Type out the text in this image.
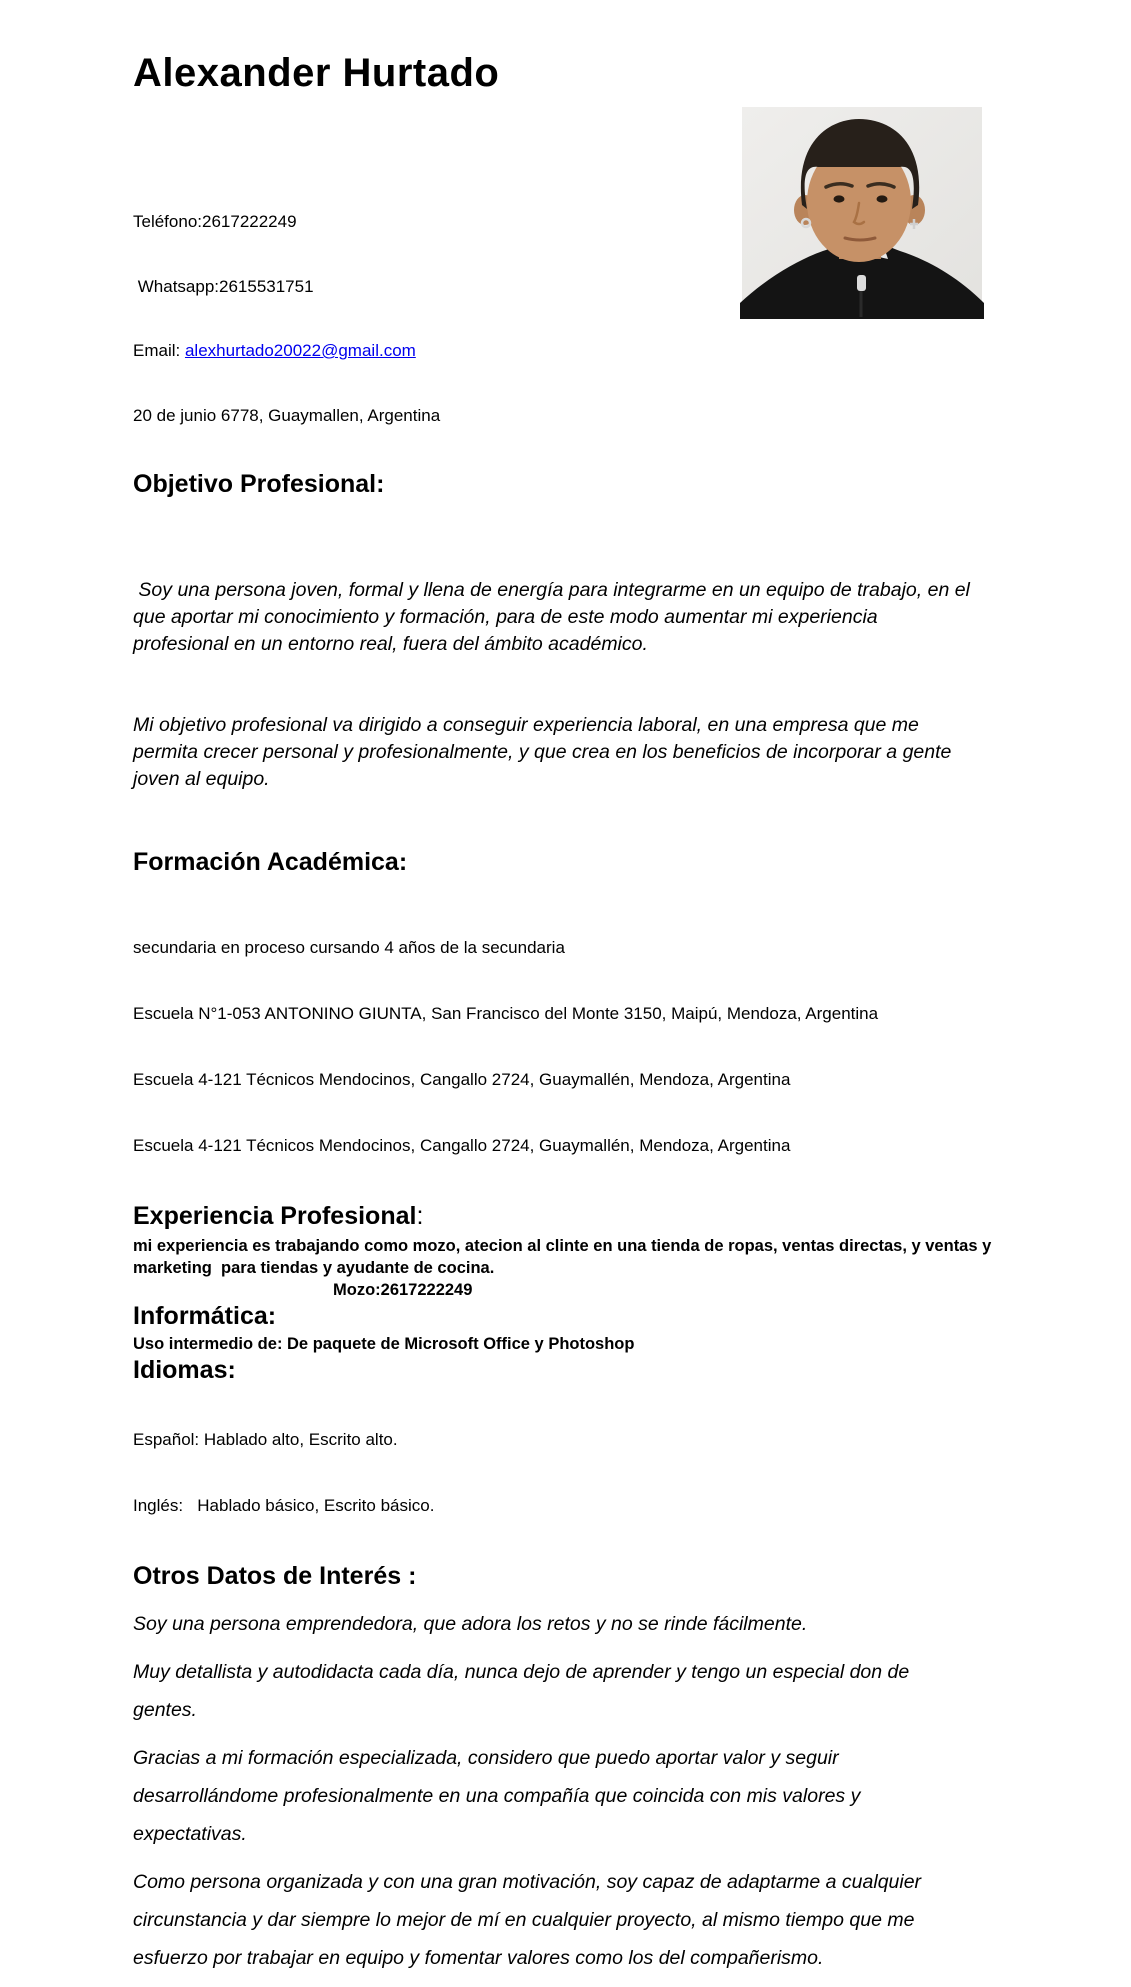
Alexander Hurtado

Teléfono:2617222249

Whatsapp:2615531751

Email: alexhurtado20022@gmail.com

20 de junio 6778, Guaymallen, Argentina

Objetivo Profesional:

Soy una persona joven, formal y llena de energía para integrarme en un equipo de trabajo, en el que aportar mi conocimiento y formación, para de este modo aumentar mi experiencia profesional en un entorno real, fuera del ámbito académico.

Mi objetivo profesional va dirigido a conseguir experiencia laboral, en una empresa que me permita crecer personal y profesionalmente, y que crea en los beneficios de incorporar a gente joven al equipo.

Formación Académica:

secundaria en proceso cursando 4 años de la secundaria

Escuela N°1-053 ANTONINO GIUNTA, San Francisco del Monte 3150, Maipú, Mendoza, Argentina

Escuela 4-121 Técnicos Mendocinos, Cangallo 2724, Guaymallén, Mendoza, Argentina

Escuela 4-121 Técnicos Mendocinos, Cangallo 2724, Guaymallén, Mendoza, Argentina

Experiencia Profesional:
mi experiencia es trabajando como mozo, atecion al clinte en una tienda de ropas, ventas directas, y ventas y marketing  para tiendas y ayudante de cocina.
Mozo:2617222249
Informática:
Uso intermedio de: De paquete de Microsoft Office y Photoshop
Idiomas:

Español: Hablado alto, Escrito alto.

Inglés:   Hablado básico, Escrito básico.

Otros Datos de Interés :

Soy una persona emprendedora, que adora los retos y no se rinde fácilmente.

Muy detallista y autodidacta cada día, nunca dejo de aprender y tengo un especial don de gentes.

Gracias a mi formación especializada, considero que puedo aportar valor y seguir desarrollándome profesionalmente en una compañía que coincida con mis valores y expectativas.

Como persona organizada y con una gran motivación, soy capaz de adaptarme a cualquier circunstancia y dar siempre lo mejor de mí en cualquier proyecto, al mismo tiempo que me esfuerzo por trabajar en equipo y fomentar valores como los del compañerismo.
